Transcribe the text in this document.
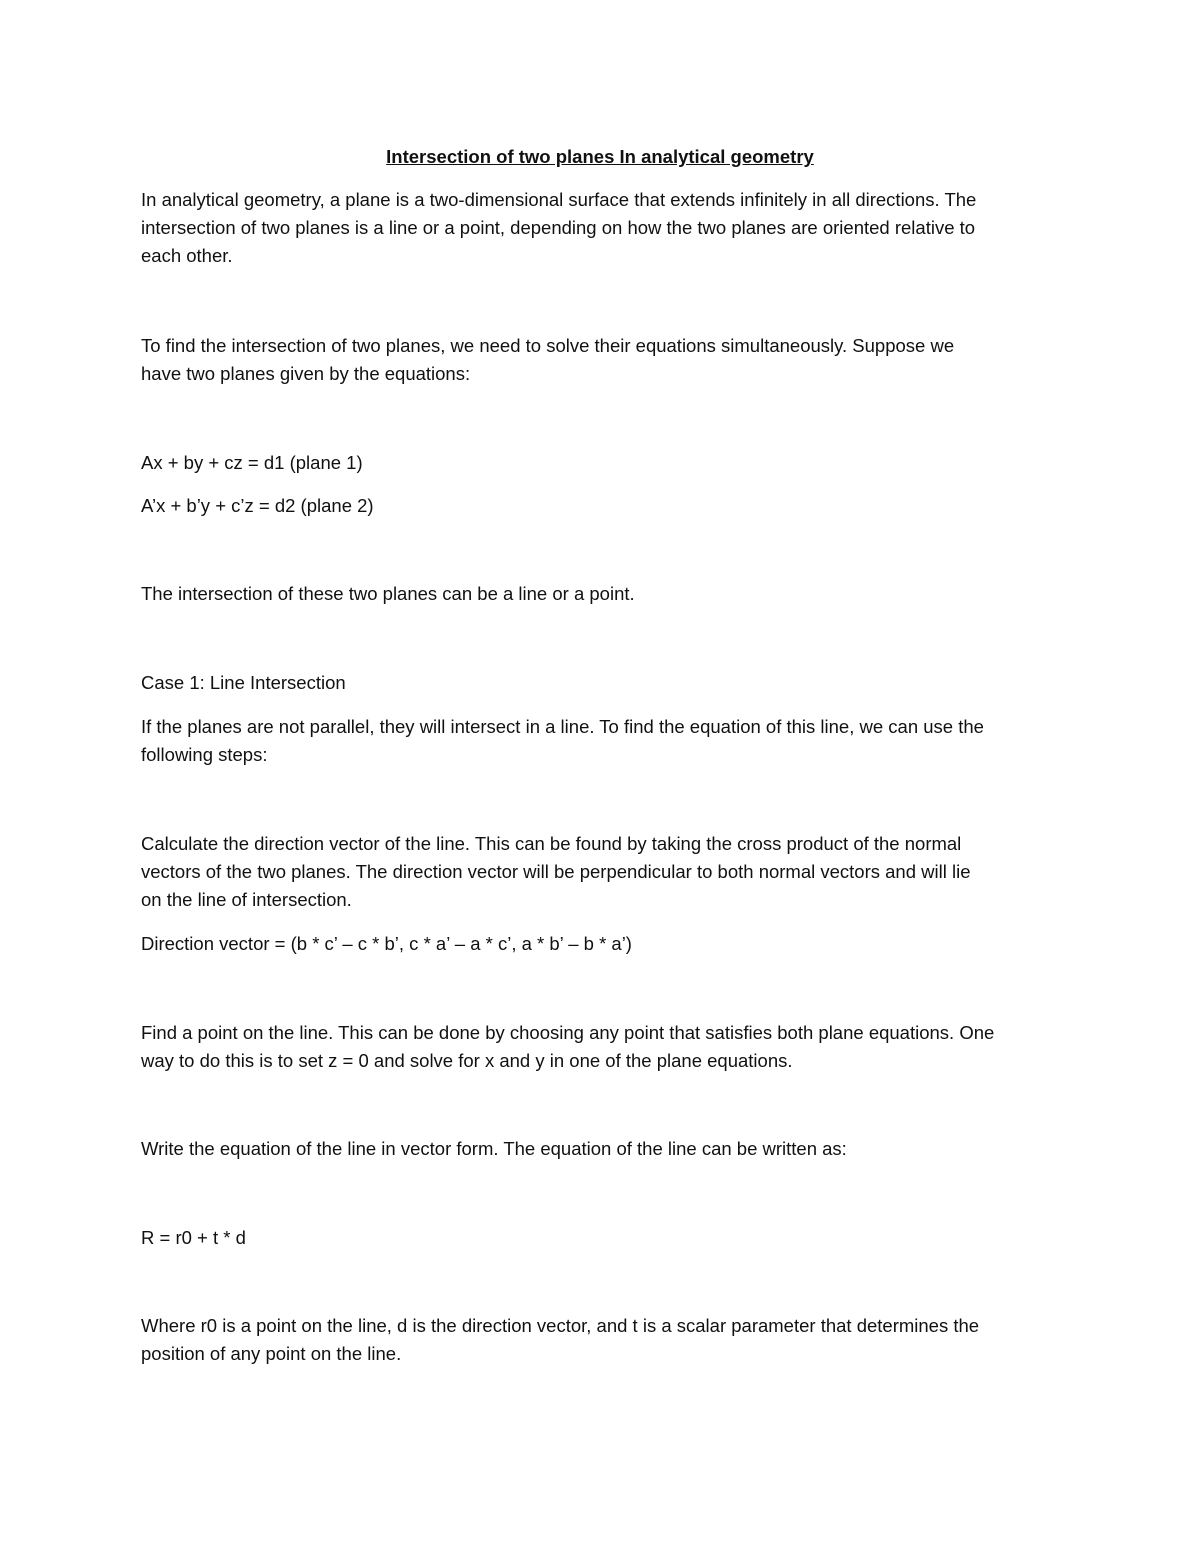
Intersection of two planes In analytical geometry
In analytical geometry, a plane is a two-dimensional surface that extends infinitely in all directions. The
intersection of two planes is a line or a point, depending on how the two planes are oriented relative to
each other.
To find the intersection of two planes, we need to solve their equations simultaneously. Suppose we
have two planes given by the equations:
Ax + by + cz = d1 (plane 1)
A’x + b’y + c’z = d2 (plane 2)
The intersection of these two planes can be a line or a point.
Case 1: Line Intersection
If the planes are not parallel, they will intersect in a line. To find the equation of this line, we can use the
following steps:
Calculate the direction vector of the line. This can be found by taking the cross product of the normal
vectors of the two planes. The direction vector will be perpendicular to both normal vectors and will lie
on the line of intersection.
Direction vector = (b * c’ – c * b’, c * a’ – a * c’, a * b’ – b * a’)
Find a point on the line. This can be done by choosing any point that satisfies both plane equations. One
way to do this is to set z = 0 and solve for x and y in one of the plane equations.
Write the equation of the line in vector form. The equation of the line can be written as:
R = r0 + t * d
Where r0 is a point on the line, d is the direction vector, and t is a scalar parameter that determines the
position of any point on the line.
